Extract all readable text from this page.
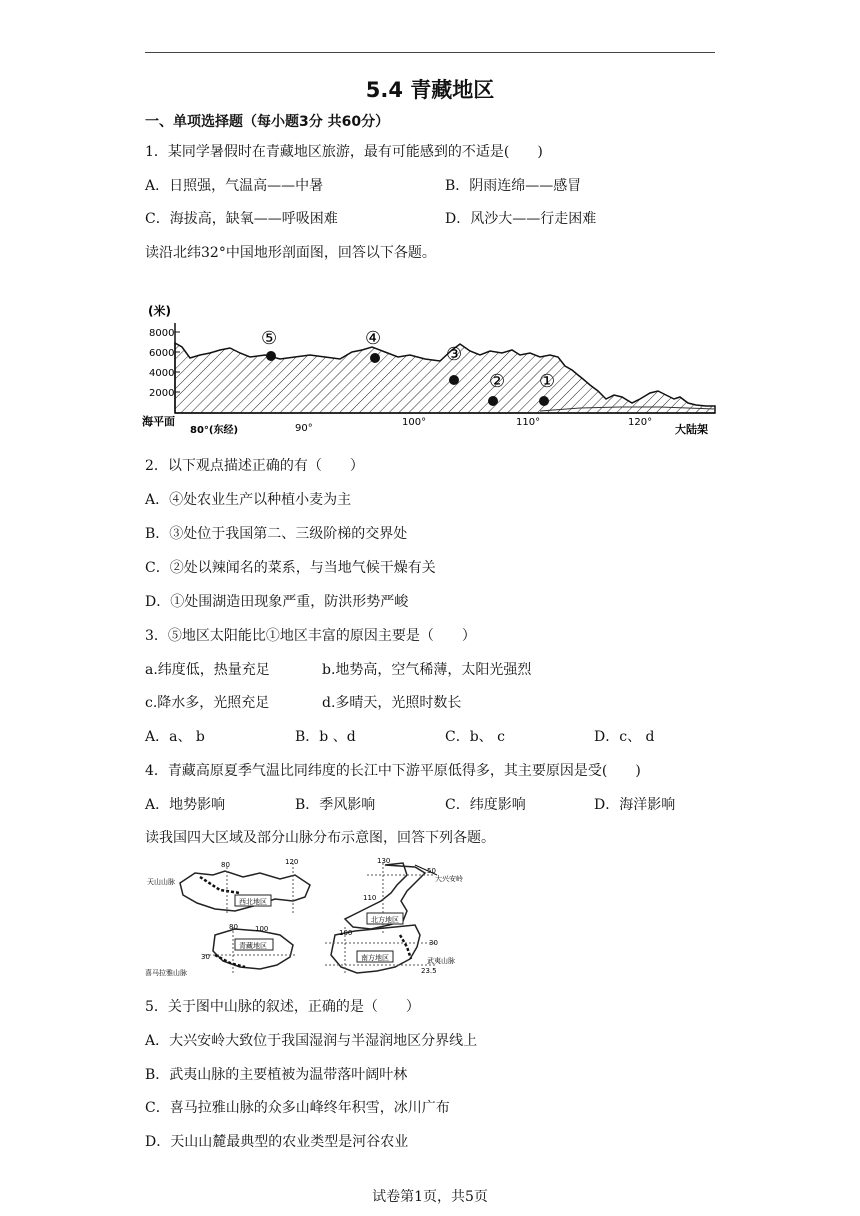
5.4 青藏地区
一、单项选择题（每小题3分 共60分）
1．某同学暑假时在青藏地区旅游，最有可能感到的不适是(　　)
A．日照强，气温高——中暑	B．阴雨连绵——感冒
C．海拔高，缺氧——呼吸困难	D．风沙大——行走困难
读沿北纬32°中国地形剖面图，回答以下各题。
(米)
8000
6000
4000
2000
⑤	④
③
② ①
海平面
80°(东经)	90°
100°	110°	120°
大陆架
2．以下观点描述正确的有（　　）
A．④处农业生产以种植小麦为主
B．③处位于我国第二、三级阶梯的交界处
C．②处以辣闻名的菜系，与当地气候干燥有关
D．①处围湖造田现象严重，防洪形势严峻
3．⑤地区太阳能比①地区丰富的原因主要是（　　）
a.纬度低，热量充足	b.地势高，空气稀薄，太阳光强烈
c.降水多，光照充足	d.多晴天，光照时数长
A．a、 b	B．b 、d	C．b、 c	D．c、 d
4．青藏高原夏季气温比同纬度的长江中下游平原低得多，其主要原因是受(　　)
A．地势影响	B．季风影响	C．纬度影响	D．海洋影响
读我国四大区域及部分山脉分布示意图，回答下列各题。
天山山脉
80	120
西北地区
130
110
50
大兴安岭
北方地区
80 100
30
青藏地区
喜马拉雅山脉
100
30
23.5
武夷山脉
南方地区
5．关于图中山脉的叙述，正确的是（　　）
A．大兴安岭大致位于我国湿润与半湿润地区分界线上
B．武夷山脉的主要植被为温带落叶阔叶林
C．喜马拉雅山脉的众多山峰终年积雪，冰川广布
D．天山山麓最典型的农业类型是河谷农业
试卷第1页，共5页
